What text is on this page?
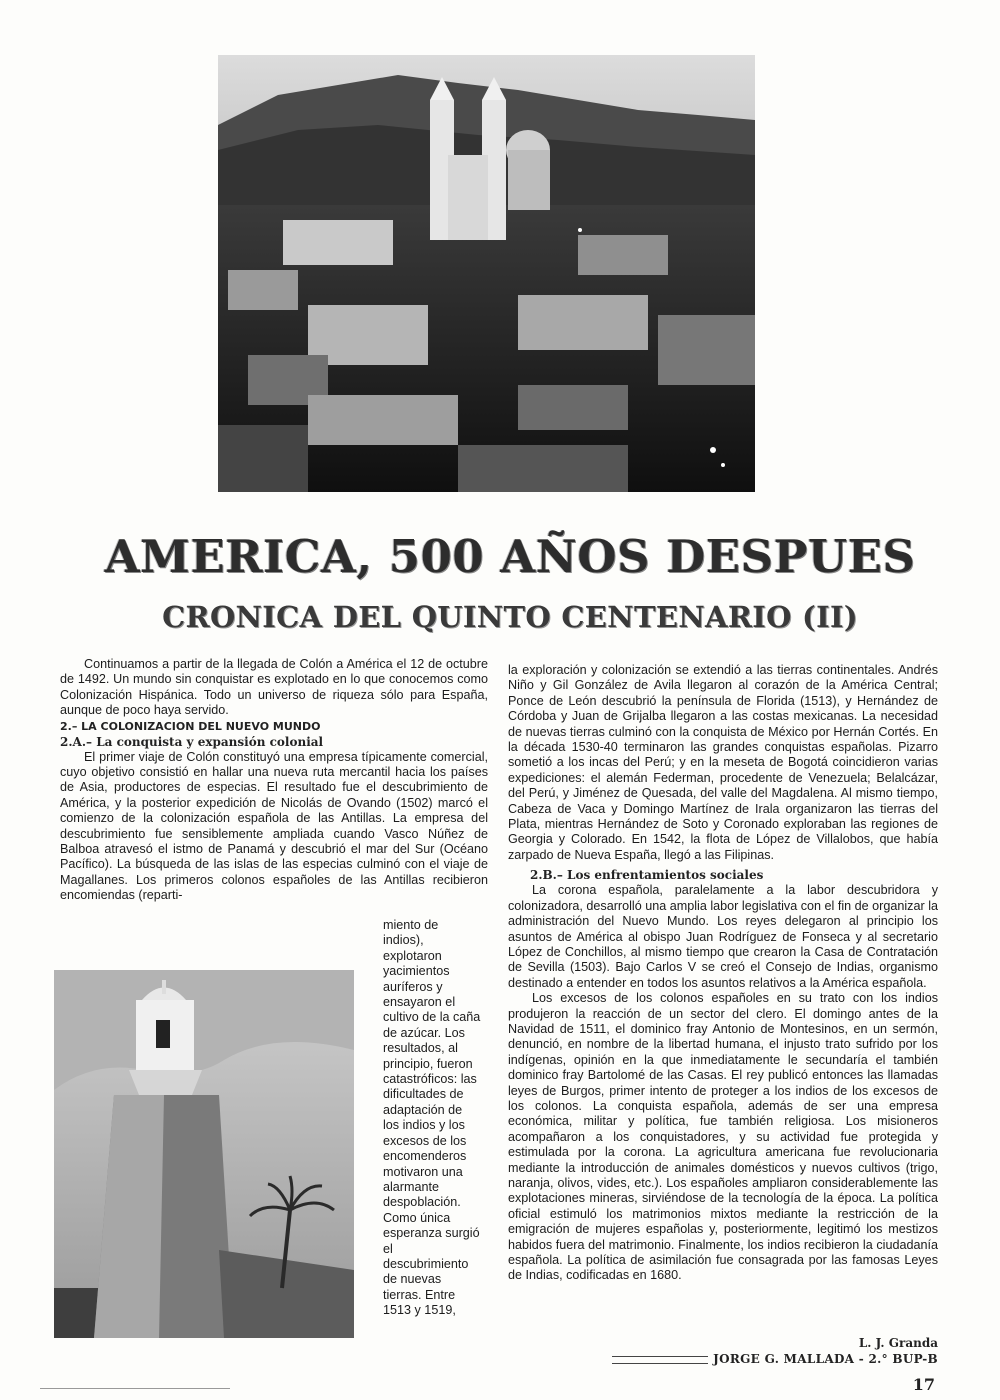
AMERICA, 500 AÑOS DESPUES
CRONICA DEL QUINTO CENTENARIO (II)

Continuamos a partir de la llegada de Colón a América el 12 de octubre de 1492. Un mundo sin conquistar es explotado en lo que conocemos como Colonización Hispánica. Todo un universo de riqueza sólo para España, aunque de poco haya servido.

2.– LA COLONIZACION DEL NUEVO MUNDO

2.A.– La conquista y expansión colonial

El primer viaje de Colón constituyó una empresa típicamente comercial, cuyo objetivo consistió en hallar una nueva ruta mercantil hacia los países de Asia, productores de especias. El resultado fue el descubrimiento de América, y la posterior expedición de Nicolás de Ovando (1502) marcó el comienzo de la colonización española de las Antillas. La empresa del descubrimiento fue sensiblemente ampliada cuando Vasco Núñez de Balboa atravesó el istmo de Panamá y descubrió el mar del Sur (Océano Pacífico). La búsqueda de las islas de las especias culminó con el viaje de Magallanes. Los primeros colonos españoles de las Antillas recibieron encomiendas (reparti-

miento de indios), explotaron yacimientos auríferos y ensayaron el cultivo de la caña de azúcar. Los resultados, al principio, fueron catastróficos: las dificultades de adaptación de los indios y los excesos de los encomenderos motivaron una alarmante despoblación. Como única esperanza surgió el descubrimiento de nuevas tierras. Entre 1513 y 1519,

la exploración y colonización se extendió a las tierras continentales. Andrés Niño y Gil González de Avila llegaron al corazón de la América Central; Ponce de León descubrió la península de Florida (1513), y Hernández de Córdoba y Juan de Grijalba llegaron a las costas mexicanas. La necesidad de nuevas tierras culminó con la conquista de México por Hernán Cortés. En la década 1530-40 terminaron las grandes conquistas españolas. Pizarro sometió a los incas del Perú; y en la meseta de Bogotá coincidieron varias expediciones: el alemán Federman, procedente de Venezuela; Belalcázar, del Perú, y Jiménez de Quesada, del valle del Magdalena. Al mismo tiempo, Cabeza de Vaca y Domingo Martínez de Irala organizaron las tierras del Plata, mientras Hernández de Soto y Coronado exploraban las regiones de Georgia y Colorado. En 1542, la flota de López de Villalobos, que había zarpado de Nueva España, llegó a las Filipinas.

2.B.– Los enfrentamientos sociales

La corona española, paralelamente a la labor descubridora y colonizadora, desarrolló una amplia labor legislativa con el fin de organizar la administración del Nuevo Mundo. Los reyes delegaron al principio los asuntos de América al obispo Juan Rodríguez de Fonseca y al secretario López de Conchillos, al mismo tiempo que crearon la Casa de Contratación de Sevilla (1503). Bajo Carlos V se creó el Consejo de Indias, organismo destinado a entender en todos los asuntos relativos a la América española.

Los excesos de los colonos españoles en su trato con los indios produjeron la reacción de un sector del clero. El domingo antes de la Navidad de 1511, el dominico fray Antonio de Montesinos, en un sermón, denunció, en nombre de la libertad humana, el injusto trato sufrido por los indígenas, opinión en la que inmediatamente le secundaría el también dominico fray Bartolomé de las Casas. El rey publicó entonces las llamadas leyes de Burgos, primer intento de proteger a los indios de los excesos de los colonos. La conquista española, además de ser una empresa económica, militar y política, fue también religiosa. Los misioneros acompañaron a los conquistadores, y su actividad fue protegida y estimulada por la corona. La agricultura americana fue revolucionaria mediante la introducción de animales domésticos y nuevos cultivos (trigo, naranja, olivos, vides, etc.). Los españoles ampliaron considerablemente las explotaciones mineras, sirviéndose de la tecnología de la época. La política oficial estimuló los matrimonios mixtos mediante la restricción de la emigración de mujeres españolas y, posteriormente, legitimó los mestizos habidos fuera del matrimonio. Finalmente, los indios recibieron la ciudadanía española. La política de asimilación fue consagrada por las famosas Leyes de Indias, codificadas en 1680.

L. J. Granda
JORGE G. MALLADA - 2.° BUP-B
17
